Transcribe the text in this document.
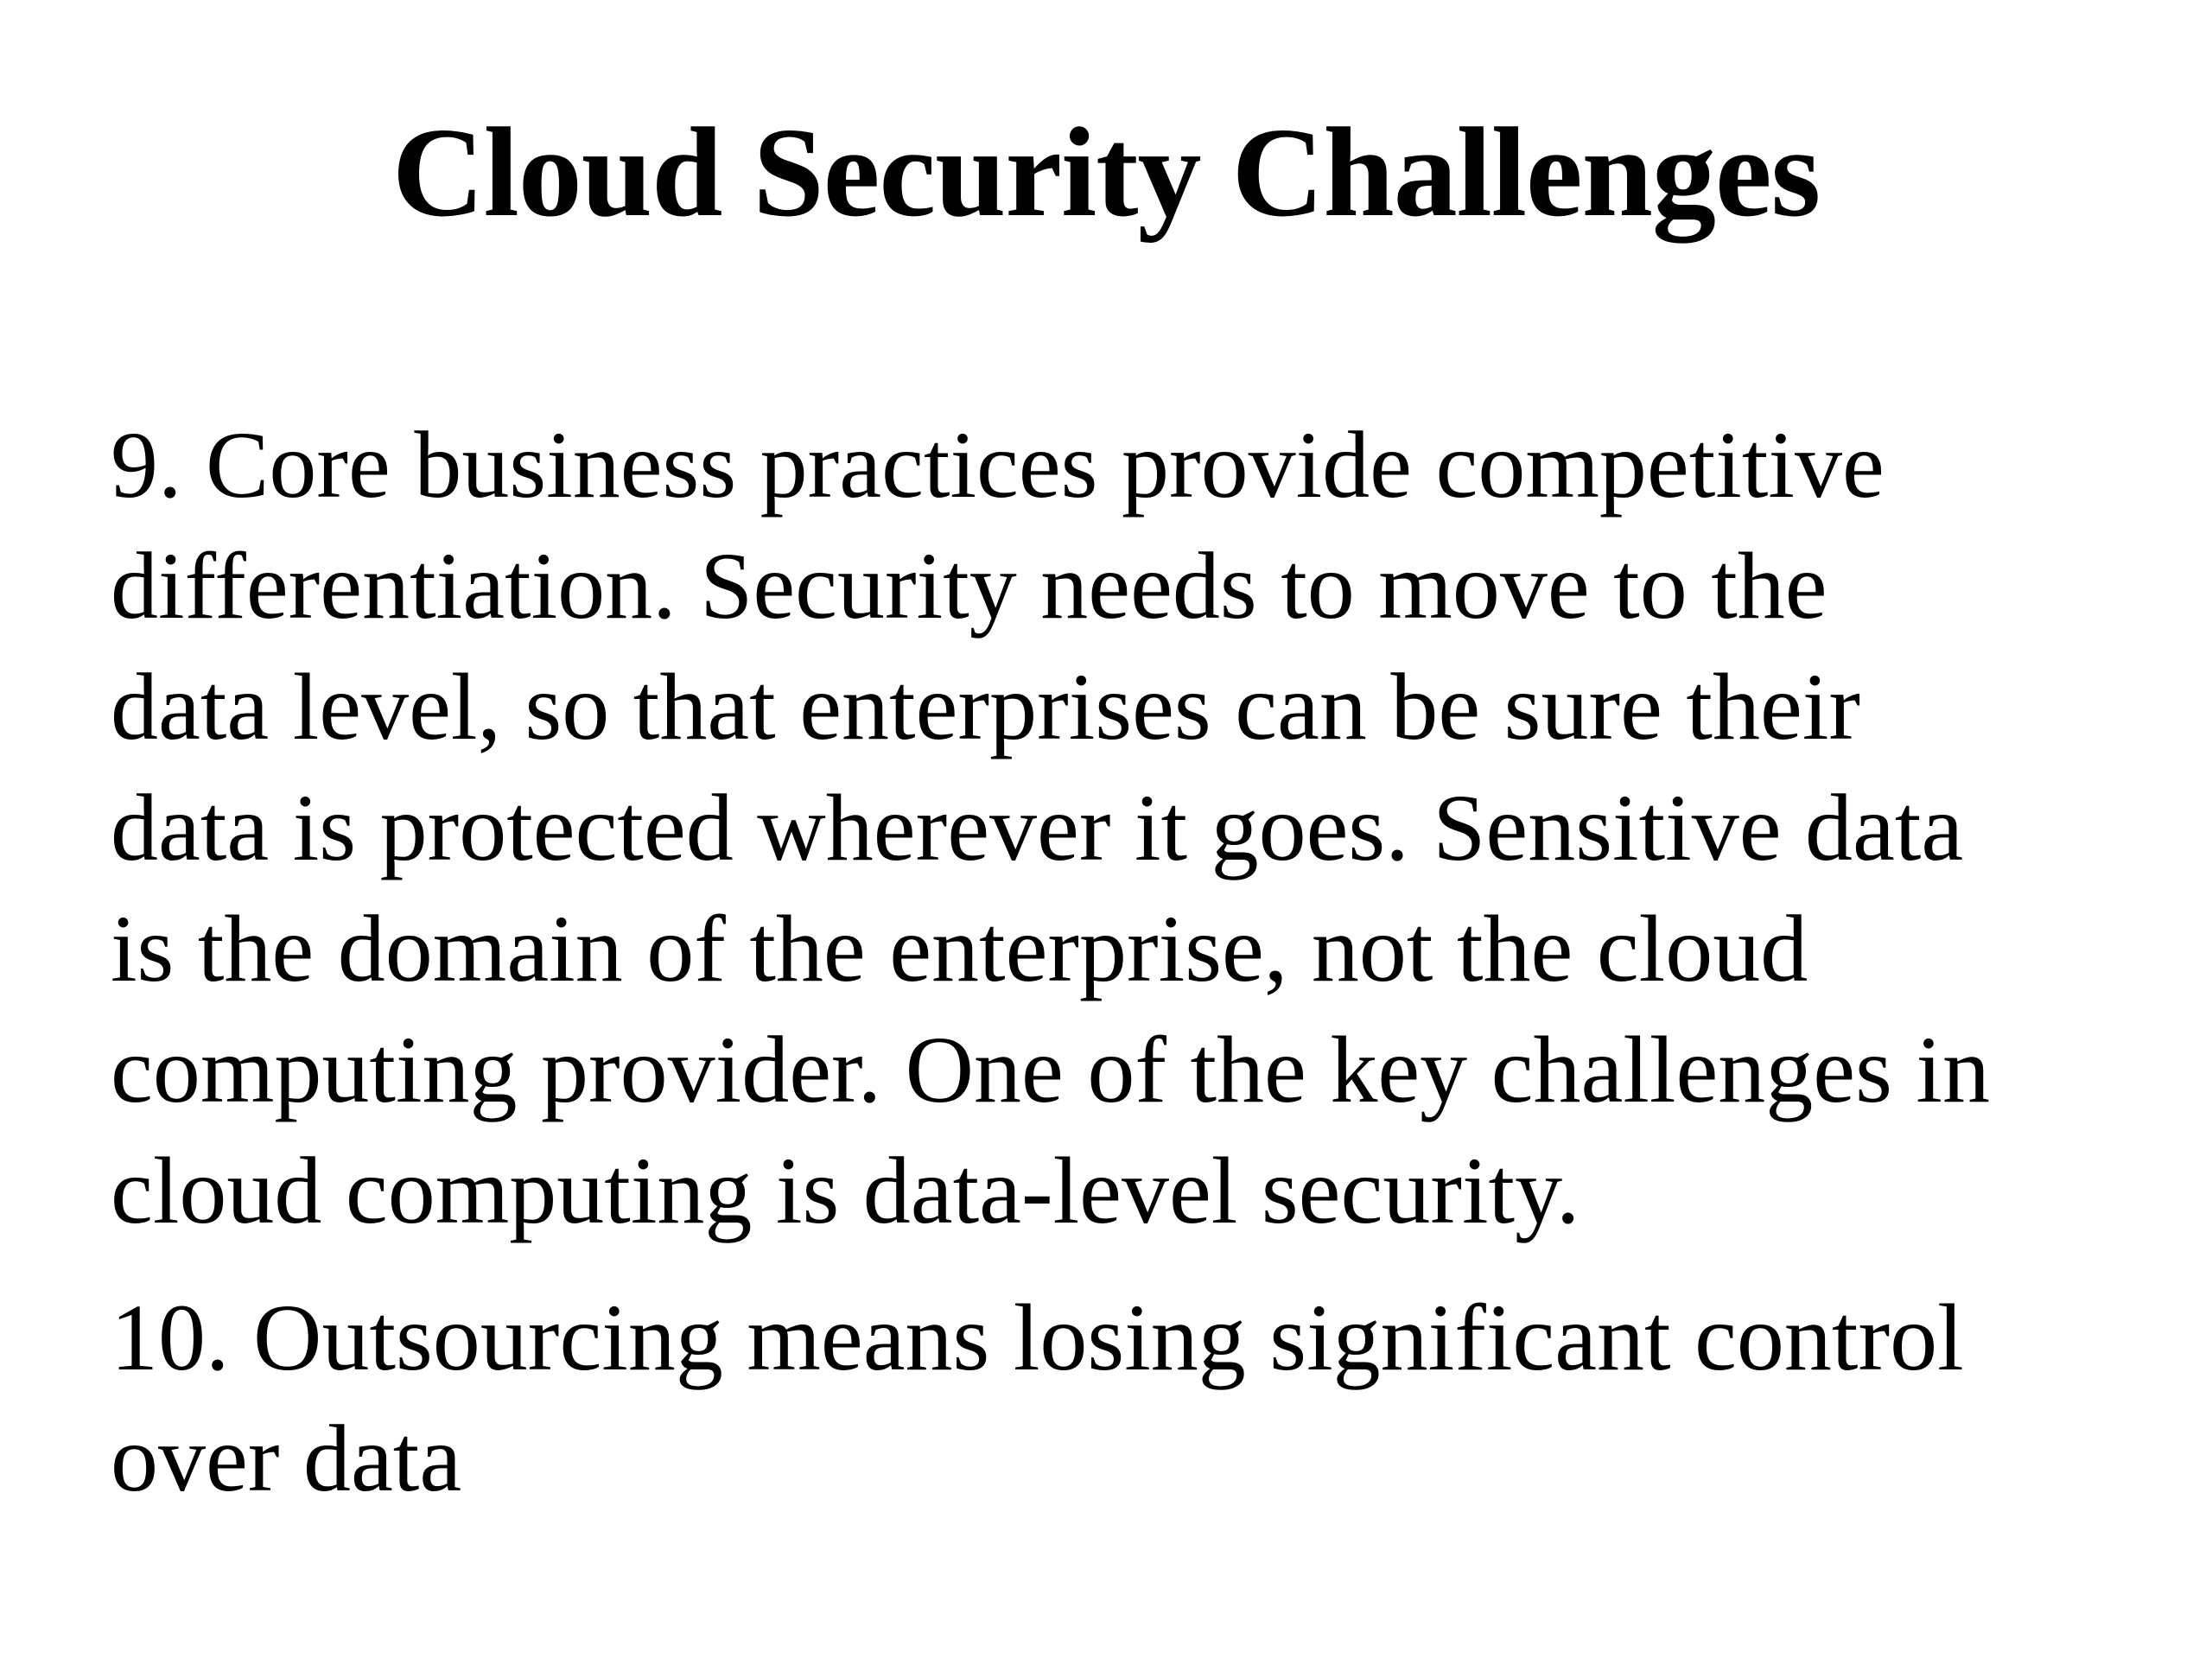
Cloud Security Challenges

9. Core business practices provide competitive
differentiation. Security needs to move to the
data level, so that enterprises can be sure their
data is protected wherever it goes. Sensitive data
is the domain of the enterprise, not the cloud
computing provider. One of the key challenges in
cloud computing is data-level security.

10. Outsourcing means losing significant control
over data
